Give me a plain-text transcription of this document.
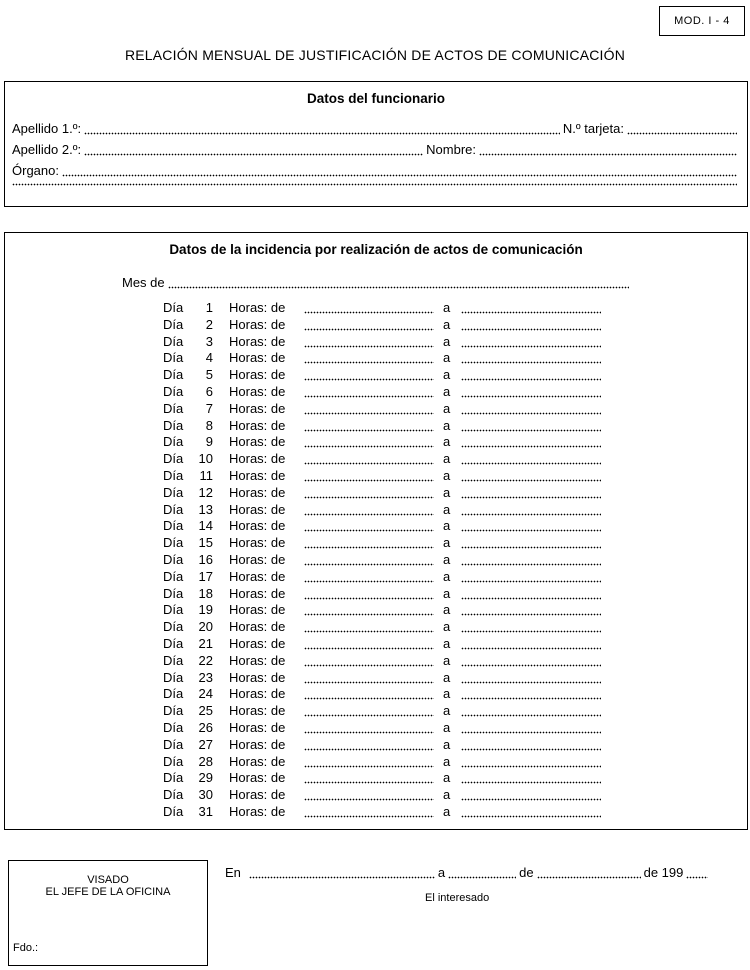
MOD. I - 4
RELACIÓN MENSUAL DE JUSTIFICACIÓN DE ACTOS DE COMUNICACIÓN
Datos del funcionario
Apellido 1.º:	N.º tarjeta:
Apellido 2.º:	Nombre:
Órgano:
Datos de la incidencia por realización de actos de comunicación
Mes de
Día	1 Horas: de	a
Día	2 Horas: de	a
Día	3 Horas: de	a
Día	4 Horas: de	a
Día	5 Horas: de	a
Día	6 Horas: de	a
Día	7 Horas: de	a
Día	8 Horas: de	a
Día	9 Horas: de	a
Día	10 Horas: de	a
Día	11 Horas: de	a
Día	12 Horas: de	a
Día	13 Horas: de	a
Día	14 Horas: de	a
Día	15 Horas: de	a
Día	16 Horas: de	a
Día	17 Horas: de	a
Día	18 Horas: de	a
Día	19 Horas: de	a
Día	20 Horas: de	a
Día	21 Horas: de	a
Día	22 Horas: de	a
Día	23 Horas: de	a
Día	24 Horas: de	a
Día	25 Horas: de	a
Día	26 Horas: de	a
Día	27 Horas: de	a
Día	28 Horas: de	a
Día	29 Horas: de	a
Día	30 Horas: de	a
Día	31 Horas: de	a
VISADO
EL JEFE DE LA OFICINA
Fdo.:
En	a	de	de 199
El interesado
